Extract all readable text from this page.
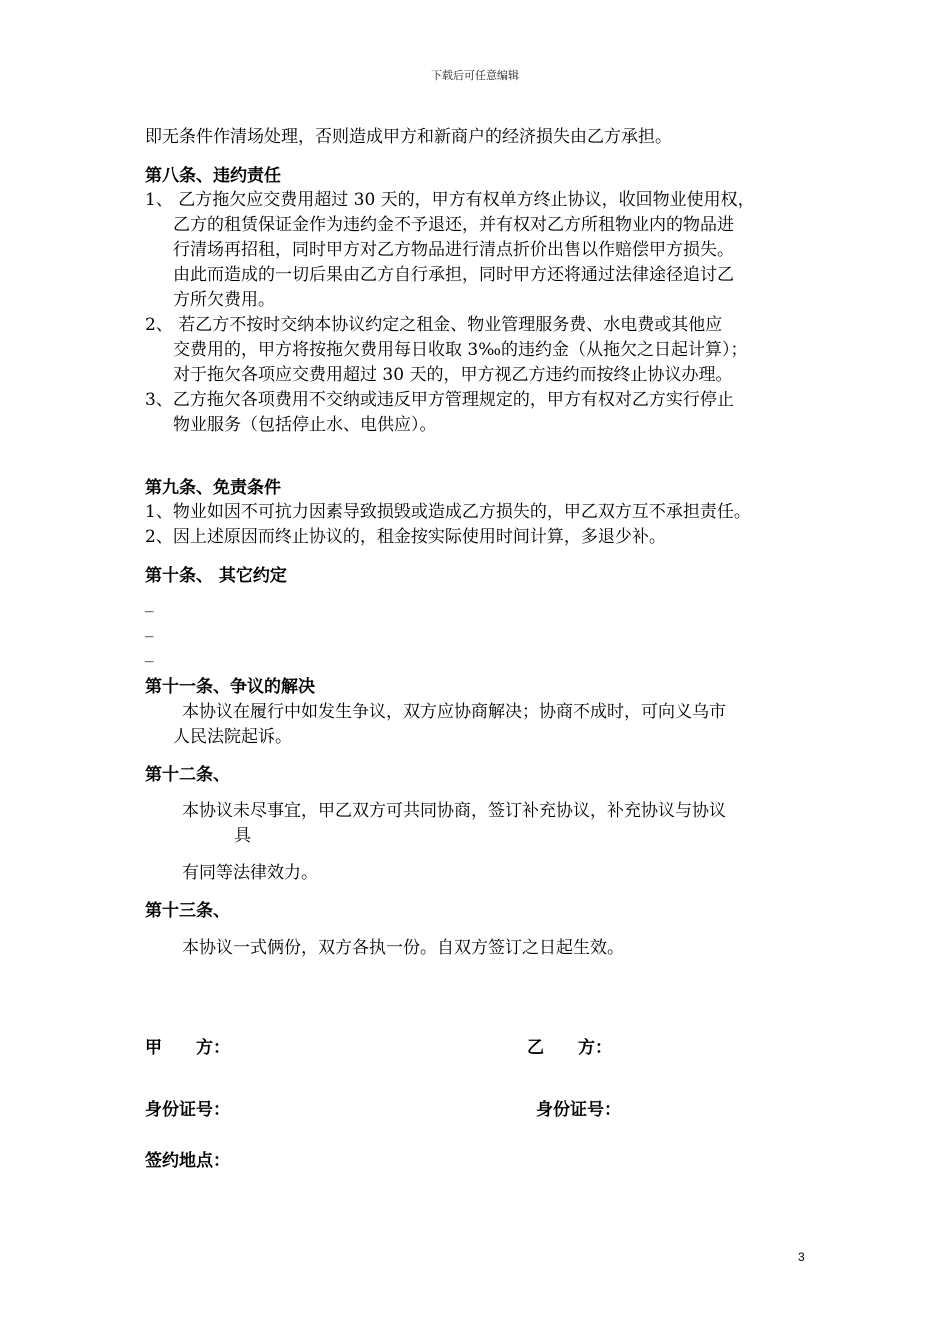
下载后可任意编辑
即无条件作清场处理，否则造成甲方和新商户的经济损失由乙方承担。
第八条、违约责任
1、 乙方拖欠应交费用超过 30 天的，甲方有权单方终止协议，收回物业使用权，
乙方的租赁保证金作为违约金不予退还，并有权对乙方所租物业内的物品进
行清场再招租，同时甲方对乙方物品进行清点折价出售以作赔偿甲方损失。
由此而造成的一切后果由乙方自行承担，同时甲方还将通过法律途径追讨乙
方所欠费用。
2、 若乙方不按时交纳本协议约定之租金、物业管理服务费、水电费或其他应
交费用的，甲方将按拖欠费用每日收取 3‰的违约金（从拖欠之日起计算）；
对于拖欠各项应交费用超过 30 天的，甲方视乙方违约而按终止协议办理。
3、乙方拖欠各项费用不交纳或违反甲方管理规定的，甲方有权对乙方实行停止
物业服务（包括停止水、电供应）。
第九条、免责条件
1、物业如因不可抗力因素导致损毁或造成乙方损失的，甲乙双方互不承担责任。
2、因上述原因而终止协议的，租金按实际使用时间计算，多退少补。
第十条、 其它约定
_
_
_
第十一条、争议的解决
本协议在履行中如发生争议，双方应协商解决；协商不成时，可向义乌市
人民法院起诉。
第十二条、
本协议未尽事宜，甲乙双方可共同协商，签订补充协议，补充协议与协议
具
有同等法律效力。
第十三条、
本协议一式俩份，双方各执一份。自双方签订之日起生效。
甲　　方：	乙　　方：
身份证号：	身份证号：
签约地点：
3
